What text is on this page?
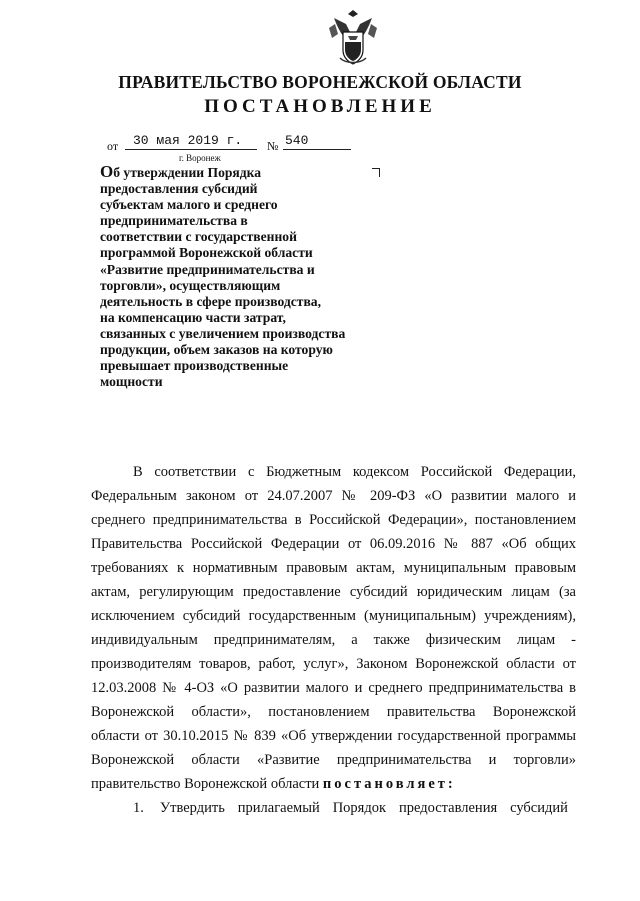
ПРАВИТЕЛЬСТВО ВОРОНЕЖСКОЙ ОБЛАСТИ
ПОСТАНОВЛЕНИЕ
от 30 мая 2019 г. № 540
г. Воронеж
Об утверждении Порядка
предоставления субсидий
субъектам малого и среднего
предпринимательства в
соответствии с государственной
программой Воронежской области
«Развитие предпринимательства и
торговли», осуществляющим
деятельность в сфере производства,
на компенсацию части затрат,
связанных с увеличением производства
продукции, объем заказов на которую
превышает производственные
мощности
В соответствии с Бюджетным кодексом Российской Федерации,
Федеральным законом от 24.07.2007 № 209-ФЗ «О развитии малого и
среднего предпринимательства в Российской Федерации», постановлением
Правительства Российской Федерации от 06.09.2016 № 887 «Об общих
требованиях к нормативным правовым актам, муниципальным правовым
актам, регулирующим предоставление субсидий юридическим лицам (за
исключением субсидий государственным (муниципальным) учреждениям),
индивидуальным предпринимателям, а также физическим лицам -
производителям товаров, работ, услуг», Законом Воронежской области от
12.03.2008 № 4-ОЗ «О развитии малого и среднего предпринимательства в
Воронежской области», постановлением правительства Воронежской
области от 30.10.2015 № 839 «Об утверждении государственной программы
Воронежской области «Развитие предпринимательства и торговли»
правительство Воронежской области постановляет:
1. Утвердить прилагаемый Порядок предоставления субсидий
